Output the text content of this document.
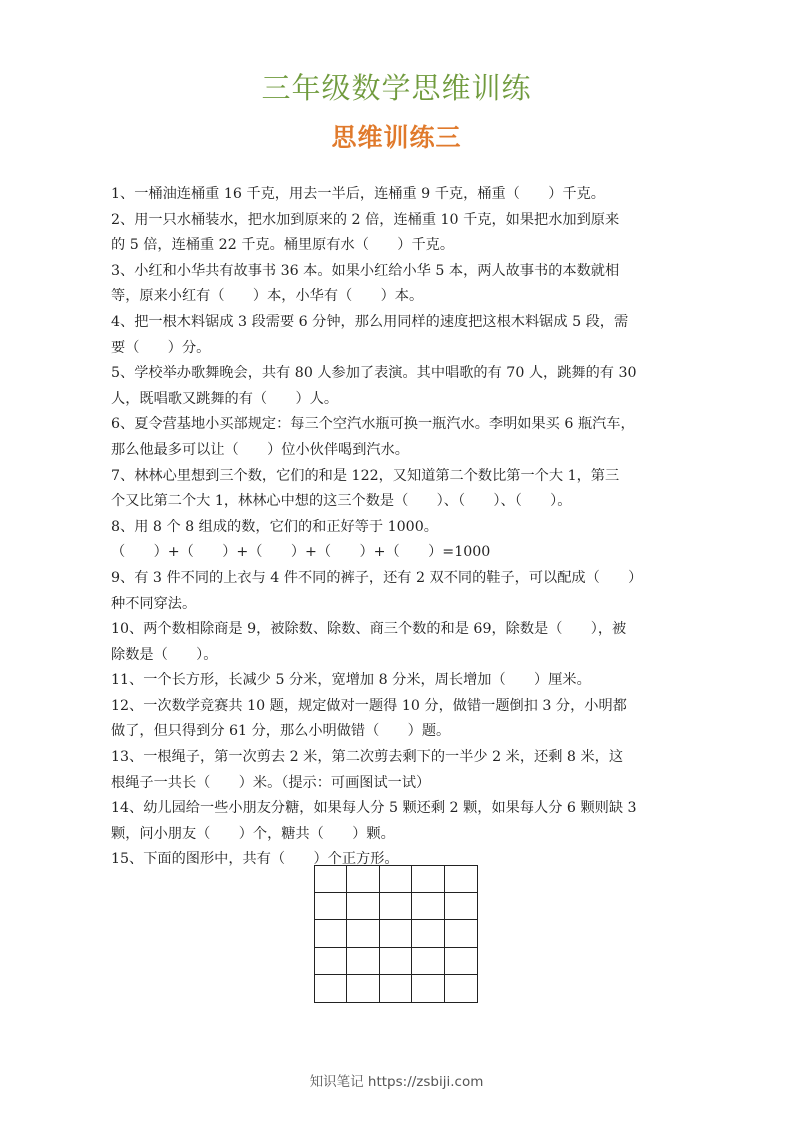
三年级数学思维训练
思维训练三
1、一桶油连桶重 16 千克，用去一半后，连桶重 9 千克，桶重（　　）千克。
2、用一只水桶装水，把水加到原来的 2 倍，连桶重 10 千克，如果把水加到原来
的 5 倍，连桶重 22 千克。桶里原有水（　　）千克。
3、小红和小华共有故事书 36 本。如果小红给小华 5 本，两人故事书的本数就相
等，原来小红有（　　）本，小华有（　　）本。
4、把一根木料锯成 3 段需要 6 分钟，那么用同样的速度把这根木料锯成 5 段，需
要（　　）分。
5、学校举办歌舞晚会，共有 80 人参加了表演。其中唱歌的有 70 人，跳舞的有 30
人，既唱歌又跳舞的有（　　）人。
6、夏令营基地小买部规定：每三个空汽水瓶可换一瓶汽水。李明如果买 6 瓶汽车，
那么他最多可以让（　　）位小伙伴喝到汽水。
7、林林心里想到三个数，它们的和是 122，又知道第二个数比第一个大 1，第三
个又比第二个大 1，林林心中想的这三个数是（　　）、（　　）、（　　）。
8、用 8 个 8 组成的数，它们的和正好等于 1000。
（　　）+（　　）+（　　）+（　　）+（　　）=1000
9、有 3 件不同的上衣与 4 件不同的裤子，还有 2 双不同的鞋子，可以配成（　　）
种不同穿法。
10、两个数相除商是 9，被除数、除数、商三个数的和是 69，除数是（　　），被
除数是（　　）。
11、一个长方形，长减少 5 分米，宽增加 8 分米，周长增加（　　）厘米。
12、一次数学竞赛共 10 题，规定做对一题得 10 分，做错一题倒扣 3 分，小明都
做了，但只得到分 61 分，那么小明做错（　　）题。
13、一根绳子，第一次剪去 2 米，第二次剪去剩下的一半少 2 米，还剩 8 米，这
根绳子一共长（　　）米。（提示：可画图试一试）
14、幼儿园给一些小朋友分糖，如果每人分 5 颗还剩 2 颗，如果每人分 6 颗则缺 3
颗，问小朋友（　　）个，糖共（　　）颗。
15、下面的图形中，共有（　　）个正方形。
知识笔记 https://zsbiji.com
